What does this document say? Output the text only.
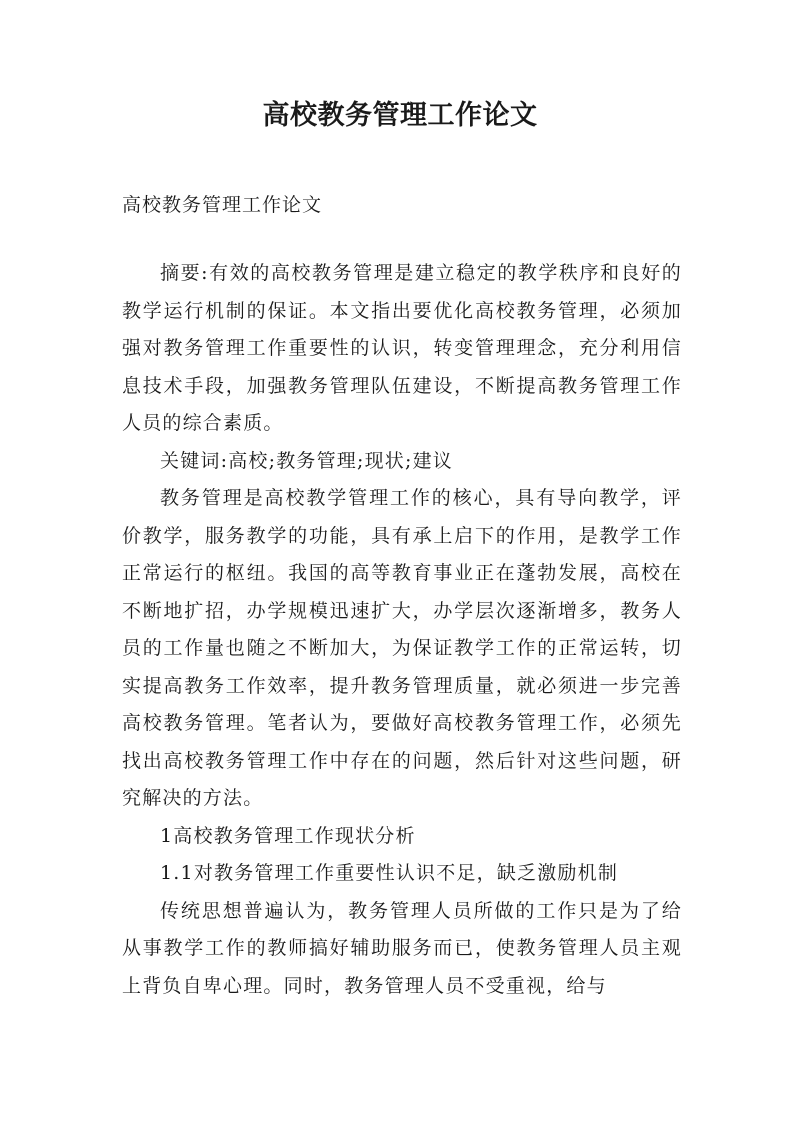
高校教务管理工作论文

高校教务管理工作论文

摘要:有效的高校教务管理是建立稳定的教学秩序和良好的教学运行机制的保证。本文指出要优化高校教务管理，必须加强对教务管理工作重要性的认识，转变管理理念，充分利用信息技术手段，加强教务管理队伍建设，不断提高教务管理工作人员的综合素质。

关键词:高校;教务管理;现状;建议

教务管理是高校教学管理工作的核心，具有导向教学，评价教学，服务教学的功能，具有承上启下的作用，是教学工作正常运行的枢纽。我国的高等教育事业正在蓬勃发展，高校在不断地扩招，办学规模迅速扩大，办学层次逐渐增多，教务人员的工作量也随之不断加大，为保证教学工作的正常运转，切实提高教务工作效率，提升教务管理质量，就必须进一步完善高校教务管理。笔者认为，要做好高校教务管理工作，必须先找出高校教务管理工作中存在的问题，然后针对这些问题，研究解决的方法。

1高校教务管理工作现状分析

1.1对教务管理工作重要性认识不足，缺乏激励机制

传统思想普遍认为，教务管理人员所做的工作只是为了给从事教学工作的教师搞好辅助服务而已，使教务管理人员主观上背负自卑心理。同时，教务管理人员不受重视，给与
